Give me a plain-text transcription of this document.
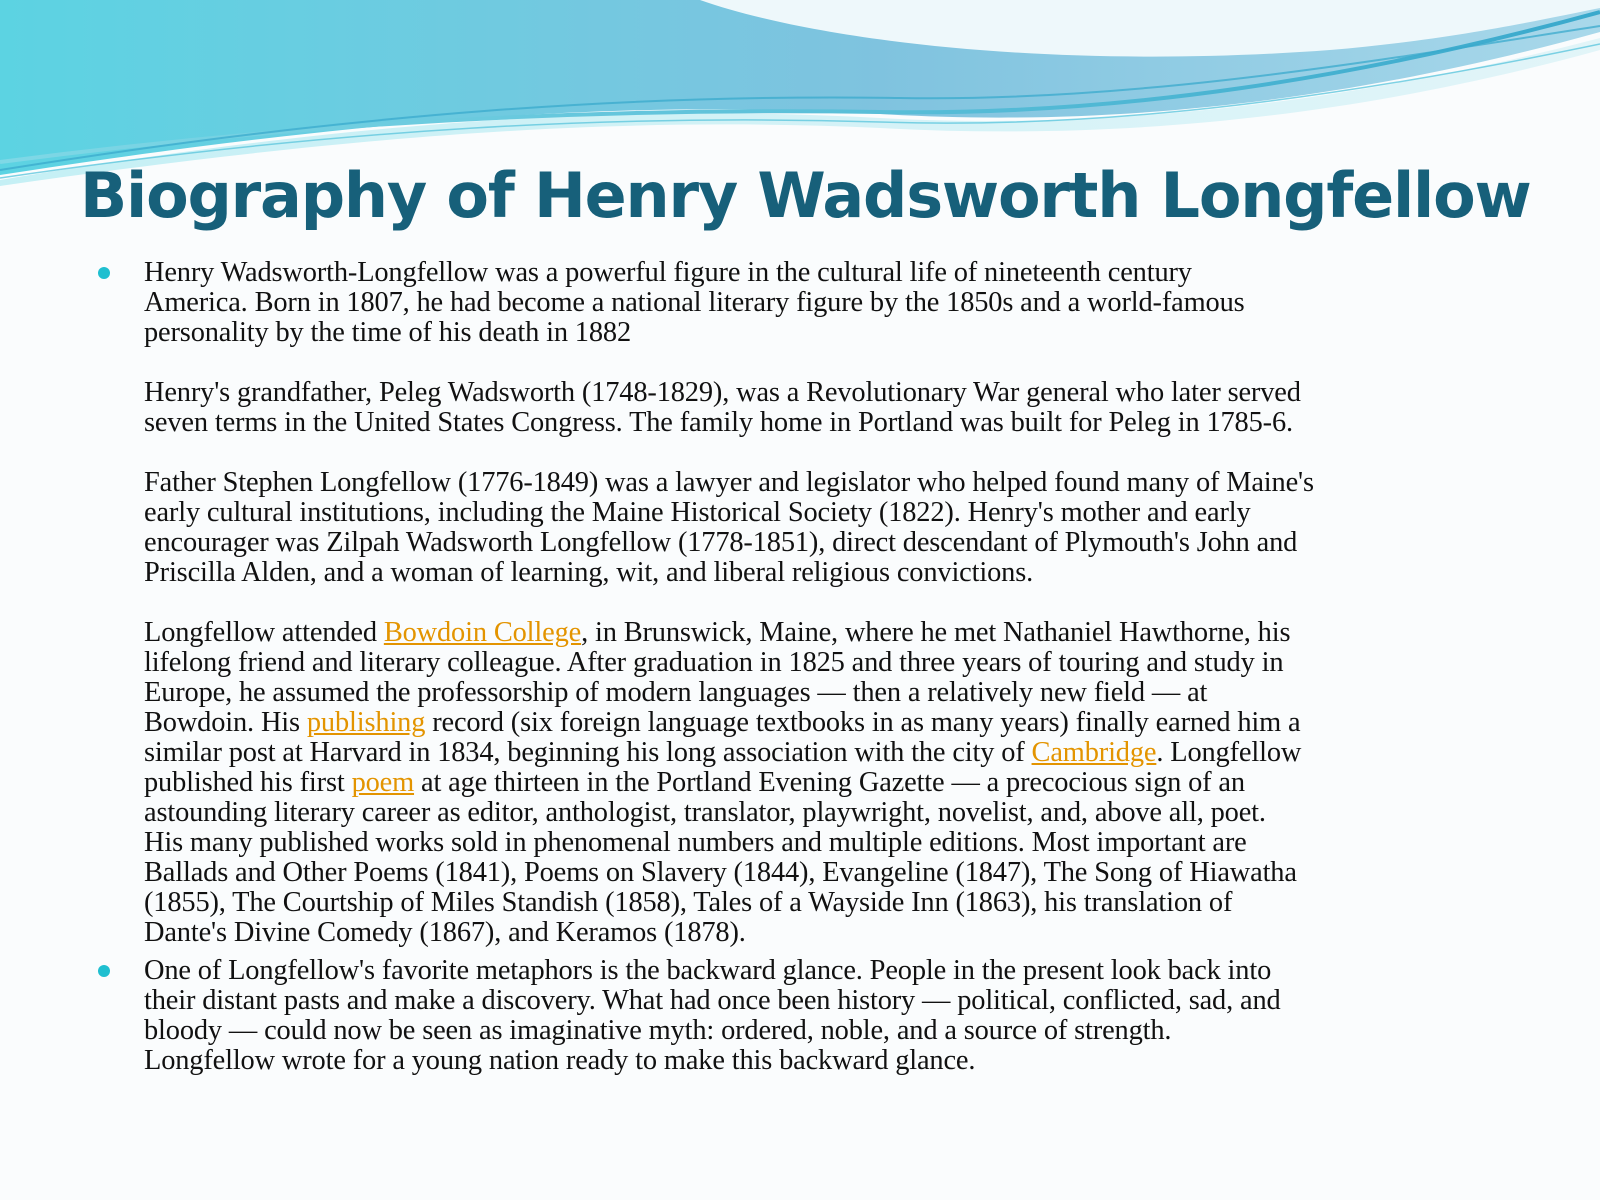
Biography of Henry Wadsworth Longfellow

Henry Wadsworth-Longfellow was a powerful figure in the cultural life of nineteenth century
America. Born in 1807, he had become a national literary figure by the 1850s and a world-famous
personality by the time of his death in 1882

Henry's grandfather, Peleg Wadsworth (1748-1829), was a Revolutionary War general who later served
seven terms in the United States Congress. The family home in Portland was built for Peleg in 1785-6.

Father Stephen Longfellow (1776-1849) was a lawyer and legislator who helped found many of Maine's
early cultural institutions, including the Maine Historical Society (1822). Henry's mother and early
encourager was Zilpah Wadsworth Longfellow (1778-1851), direct descendant of Plymouth's John and
Priscilla Alden, and a woman of learning, wit, and liberal religious convictions.

Longfellow attended Bowdoin College, in Brunswick, Maine, where he met Nathaniel Hawthorne, his
lifelong friend and literary colleague. After graduation in 1825 and three years of touring and study in
Europe, he assumed the professorship of modern languages — then a relatively new field — at
Bowdoin. His publishing record (six foreign language textbooks in as many years) finally earned him a
similar post at Harvard in 1834, beginning his long association with the city of Cambridge. Longfellow
published his first poem at age thirteen in the Portland Evening Gazette — a precocious sign of an
astounding literary career as editor, anthologist, translator, playwright, novelist, and, above all, poet.
His many published works sold in phenomenal numbers and multiple editions. Most important are
Ballads and Other Poems (1841), Poems on Slavery (1844), Evangeline (1847), The Song of Hiawatha
(1855), The Courtship of Miles Standish (1858), Tales of a Wayside Inn (1863), his translation of
Dante's Divine Comedy (1867), and Keramos (1878).

One of Longfellow's favorite metaphors is the backward glance. People in the present look back into
their distant pasts and make a discovery. What had once been history — political, conflicted, sad, and
bloody — could now be seen as imaginative myth: ordered, noble, and a source of strength.
Longfellow wrote for a young nation ready to make this backward glance.
